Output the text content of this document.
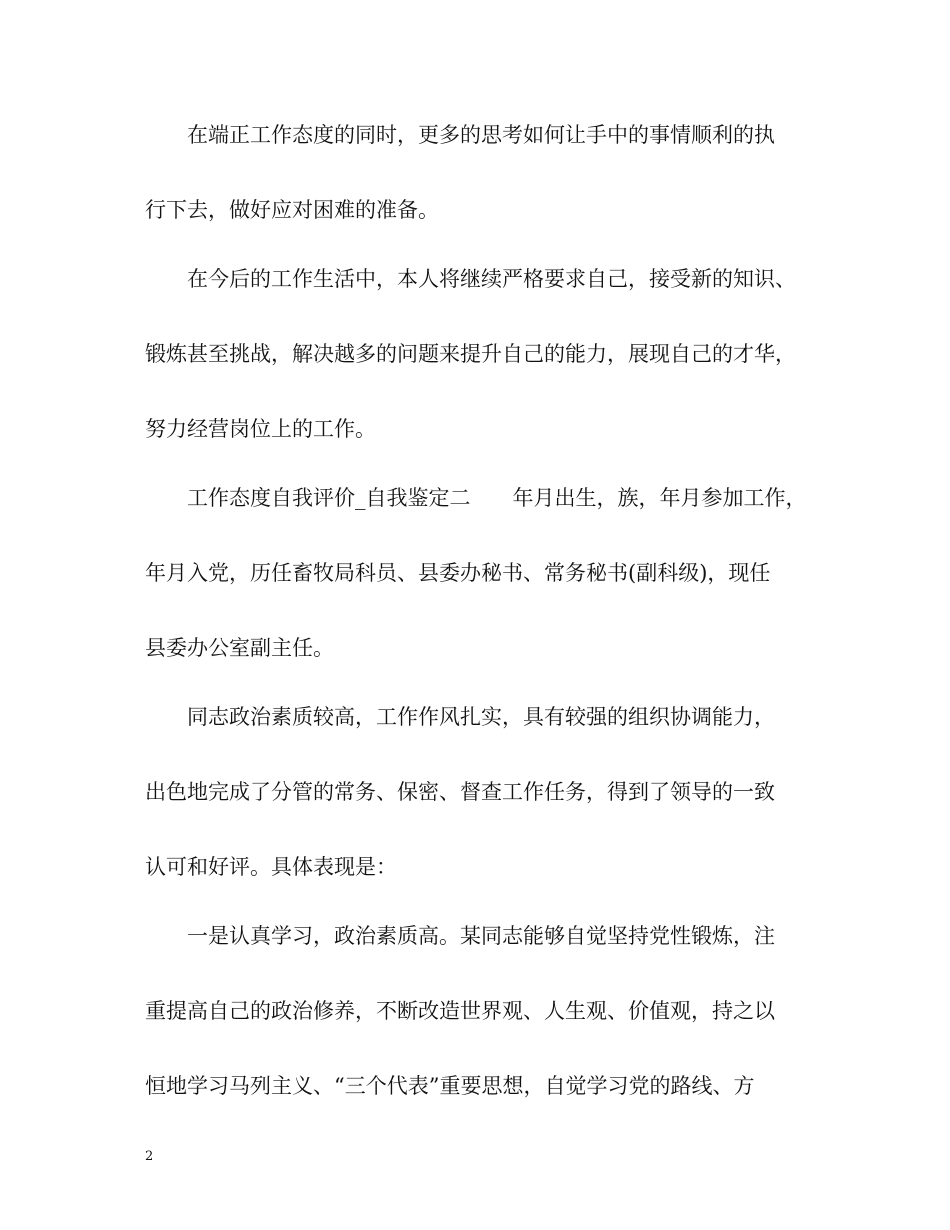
在端正工作态度的同时，更多的思考如何让手中的事情顺利的执
行下去，做好应对困难的准备。
在今后的工作生活中，本人将继续严格要求自己，接受新的知识、
锻炼甚至挑战，解决越多的问题来提升自己的能力，展现自己的才华，
努力经营岗位上的工作。
工作态度自我评价_自我鉴定二　　年月出生，族，年月参加工作，
年月入党，历任畜牧局科员、县委办秘书、常务秘书(副科级)，现任
县委办公室副主任。
同志政治素质较高，工作作风扎实，具有较强的组织协调能力，
出色地完成了分管的常务、保密、督查工作任务，得到了领导的一致
认可和好评。具体表现是：
一是认真学习，政治素质高。某同志能够自觉坚持党性锻炼，注
重提高自己的政治修养，不断改造世界观、人生观、价值观，持之以
恒地学习马列主义、“三个代表”重要思想，自觉学习党的路线、方
2
